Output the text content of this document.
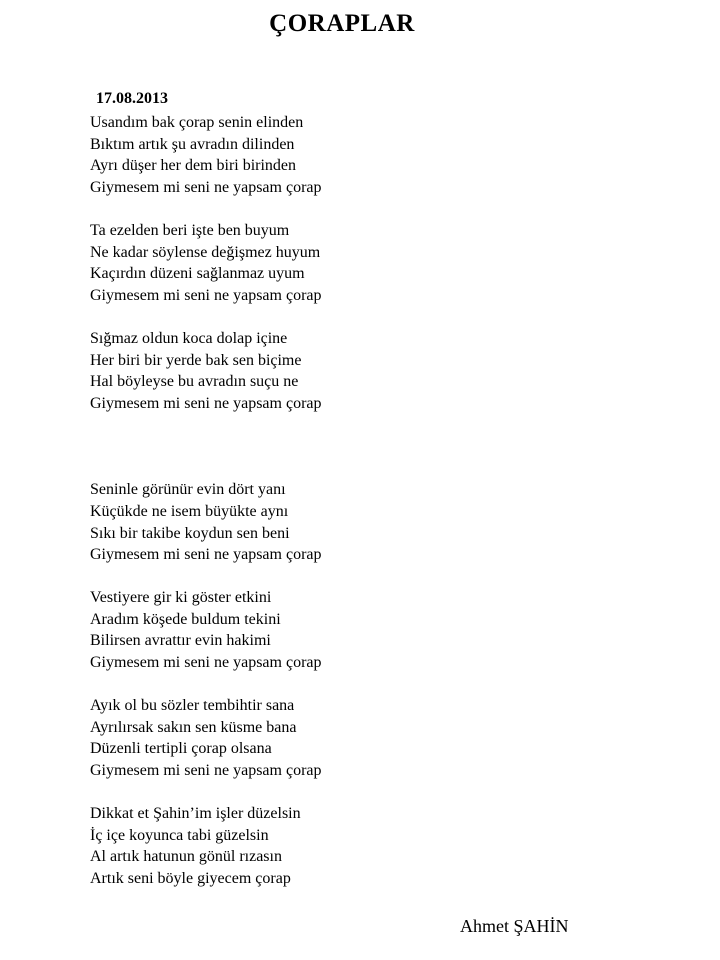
ÇORAPLAR
17.08.2013
Usandım bak çorap senin elinden
Bıktım artık şu avradın dilinden
Ayrı düşer her dem biri birinden
Giymesem mi seni ne yapsam çorap
Ta ezelden beri işte ben buyum
Ne kadar söylense değişmez huyum
Kaçırdın düzeni sağlanmaz uyum
Giymesem mi seni ne yapsam çorap
Sığmaz oldun koca dolap içine
Her biri bir yerde bak sen biçime
Hal böyleyse bu avradın suçu ne
Giymesem mi seni ne yapsam çorap
Seninle görünür evin dört yanı
Küçükde ne isem büyükte aynı
Sıkı bir takibe koydun sen beni
Giymesem mi seni ne yapsam çorap
Vestiyere gir ki göster etkini
Aradım köşede buldum tekini
Bilirsen avrattır evin hakimi
Giymesem mi seni ne yapsam çorap
Ayık ol bu sözler tembihtir sana
Ayrılırsak sakın sen küsme bana
Düzenli tertipli çorap olsana
Giymesem mi seni ne yapsam çorap
Dikkat et Şahin’im işler düzelsin
İç içe koyunca tabi güzelsin
Al artık hatunun gönül rızasın
Artık seni böyle giyecem çorap
Ahmet ŞAHİN
